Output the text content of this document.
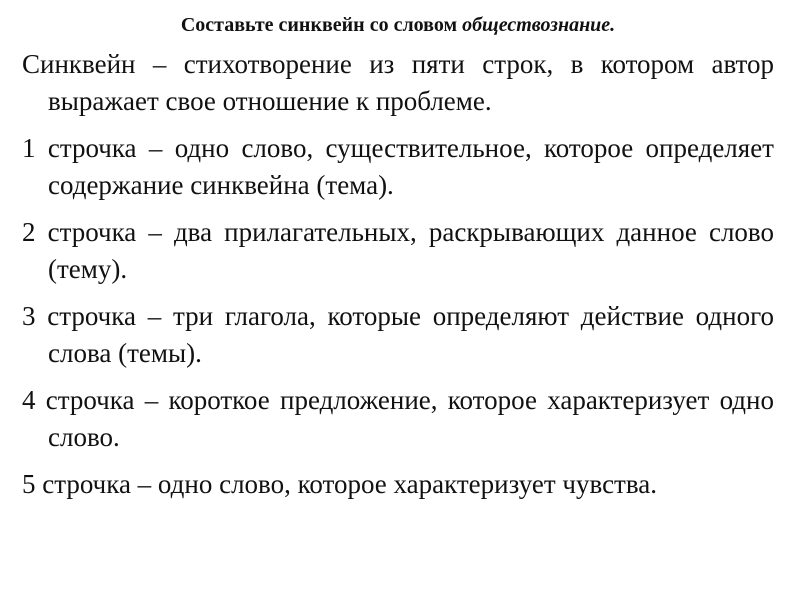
Составьте синквейн со словом обществознание.
Синквейн – стихотворение из пяти строк, в котором автор выражает свое отношение к проблеме.
1 строчка – одно слово, существительное, которое определяет содержание синквейна (тема).
2 строчка – два прилагательных, раскрывающих данное слово (тему).
3 строчка – три глагола, которые определяют действие одного слова (темы).
4 строчка – короткое предложение, которое характеризует одно слово.
5 строчка – одно слово, которое характеризует чувства.
